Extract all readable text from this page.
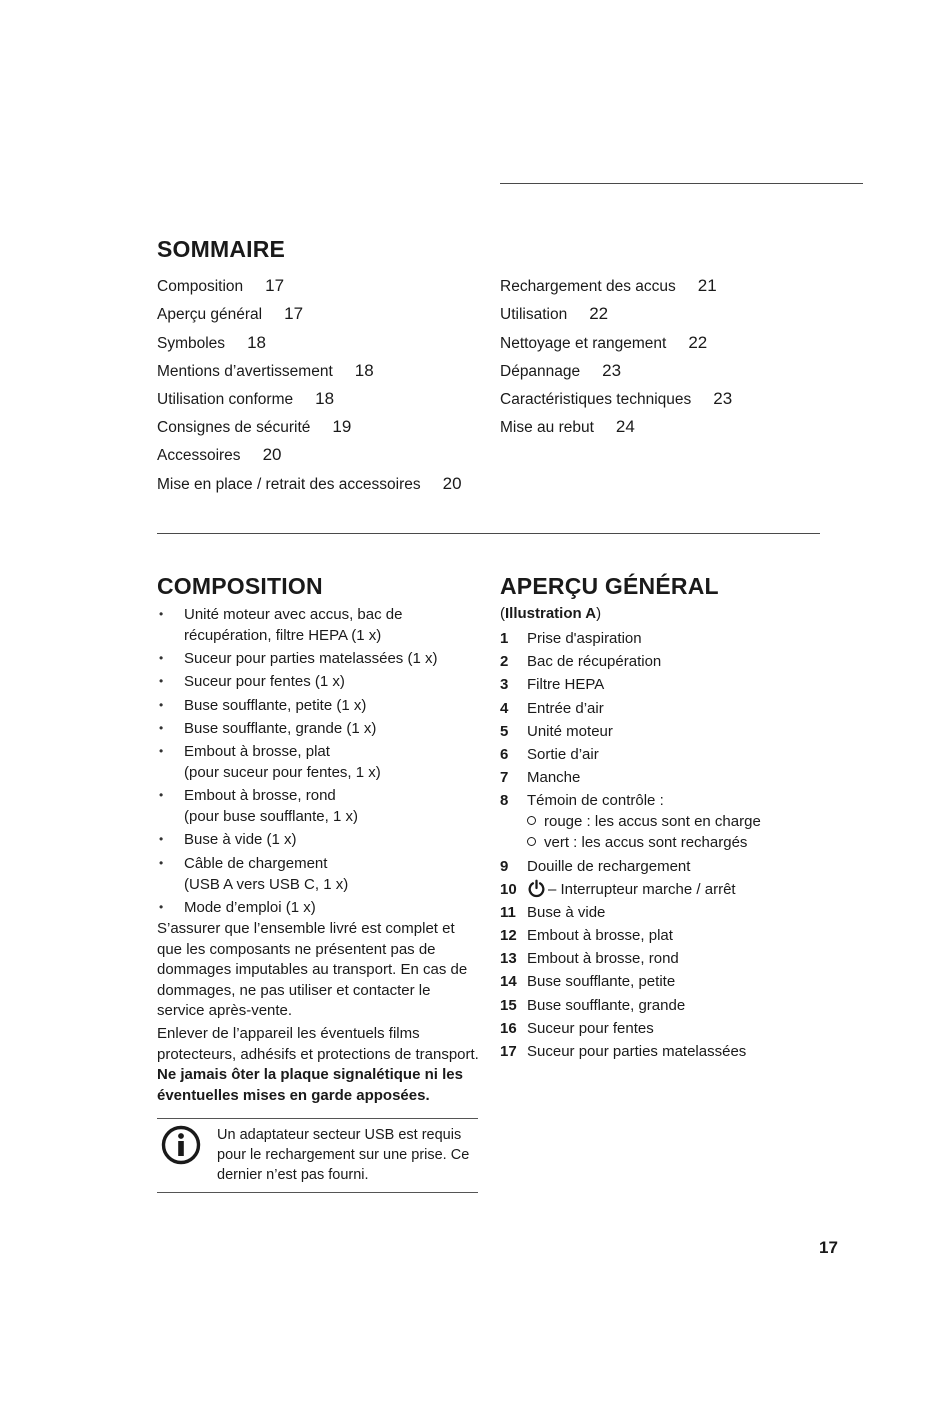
SOMMAIRE
Composition 17
Aperçu général 17
Symboles 18
Mentions d’avertissement 18
Utilisation conforme 18
Consignes de sécurité 19
Accessoires 20
Mise en place / retrait des accessoires 20
Rechargement des accus 21
Utilisation 22
Nettoyage et rangement 22
Dépannage 23
Caractéristiques techniques 23
Mise au rebut 24
COMPOSITION
• Unité moteur avec accus, bac de récupération, filtre HEPA (1 x)
• Suceur pour parties matelassées (1 x)
• Suceur pour fentes (1 x)
• Buse soufflante, petite (1 x)
• Buse soufflante, grande (1 x)
• Embout à brosse, plat
(pour suceur pour fentes, 1 x)
• Embout à brosse, rond
(pour buse soufflante, 1 x)
• Buse à vide (1 x)
• Câble de chargement
(USB A vers USB C, 1 x)
• Mode d’emploi (1 x)
S’assurer que l’ensemble livré est complet et que les composants ne présentent pas de dommages imputables au transport. En cas de dommages, ne pas utiliser et contacter le service après-vente.
Enlever de l’appareil les éventuels films protecteurs, adhésifs et protections de transport. Ne jamais ôter la plaque signalétique ni les éventuelles mises en garde apposées.
Un adaptateur secteur USB est requis pour le rechargement sur une prise. Ce dernier n’est pas fourni.
APERÇU GÉNÉRAL
(Illustration A)
1 Prise d'aspiration
2 Bac de récupération
3 Filtre HEPA
4 Entrée d’air
5 Unité moteur
6 Sortie d’air
7 Manche
8 Témoin de contrôle :
rouge : les accus sont en charge
vert : les accus sont rechargés
9 Douille de rechargement
10 – Interrupteur marche / arrêt
11 Buse à vide
12 Embout à brosse, plat
13 Embout à brosse, rond
14 Buse soufflante, petite
15 Buse soufflante, grande
16 Suceur pour fentes
17 Suceur pour parties matelassées
17
